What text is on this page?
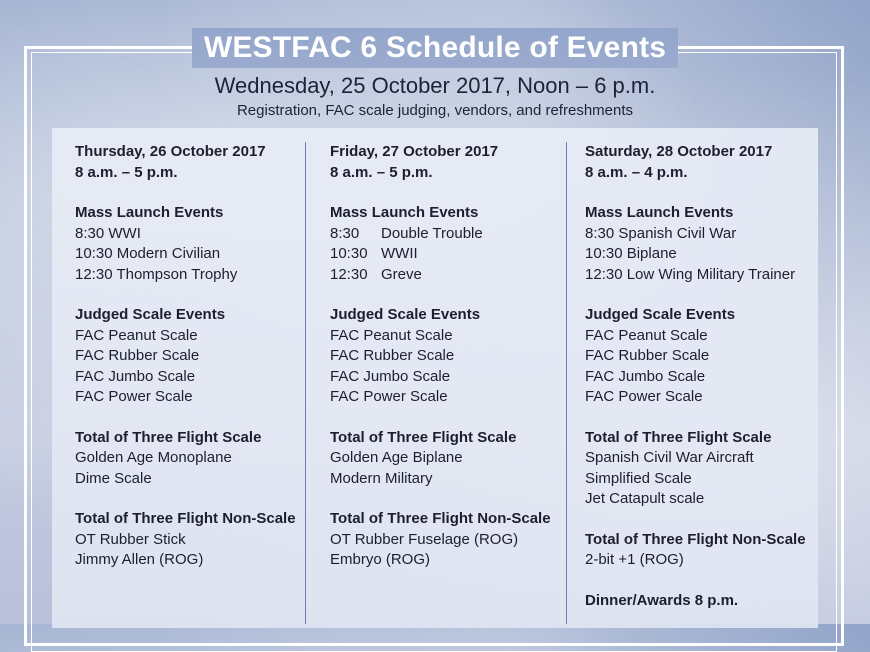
WESTFAC 6 Schedule of Events
Wednesday, 25 October 2017, Noon – 6 p.m.
Registration, FAC scale judging, vendors, and refreshments
Thursday, 26 October 2017
8 a.m. – 5 p.m.
Mass Launch Events
8:30 WWI
10:30 Modern Civilian
12:30 Thompson Trophy
Judged Scale Events
FAC Peanut Scale
FAC Rubber Scale
FAC Jumbo Scale
FAC Power Scale
Total of Three Flight Scale
Golden Age Monoplane
Dime Scale
Total of Three Flight Non-Scale
OT Rubber Stick
Jimmy Allen (ROG)
Friday, 27 October 2017
8 a.m. – 5 p.m.
Mass Launch Events
8:30 Double Trouble
10:30 WWII
12:30 Greve
Judged Scale Events
FAC Peanut Scale
FAC Rubber Scale
FAC Jumbo Scale
FAC Power Scale
Total of Three Flight Scale
Golden Age Biplane
Modern Military
Total of Three Flight Non-Scale
OT Rubber Fuselage (ROG)
Embryo (ROG)
Saturday, 28 October 2017
8 a.m. – 4 p.m.
Mass Launch Events
8:30 Spanish Civil War
10:30 Biplane
12:30 Low Wing Military Trainer
Judged Scale Events
FAC Peanut Scale
FAC Rubber Scale
FAC Jumbo Scale
FAC Power Scale
Total of Three Flight Scale
Spanish Civil War Aircraft
Simplified Scale
Jet Catapult scale
Total of Three Flight Non-Scale
2-bit +1 (ROG)
Dinner/Awards 8 p.m.
